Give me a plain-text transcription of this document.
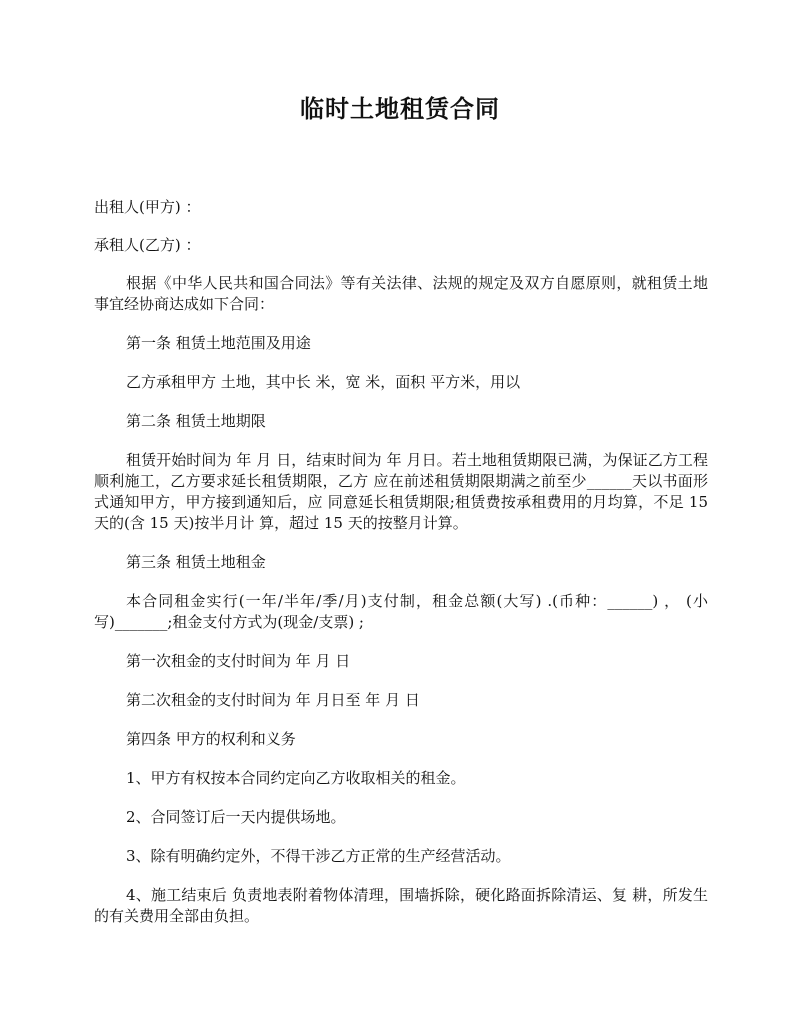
临时土地租赁合同

出租人(甲方) ：

承租人(乙方) ：

根据《中华人民共和国合同法》等有关法律、法规的规定及双方自愿原则，就租赁土地事宜经协商达成如下合同：

第一条 租赁土地范围及用途

乙方承租甲方 土地，其中长 米，宽 米，面积 平方米，用以

第二条 租赁土地期限

租赁开始时间为 年 月 日，结束时间为 年 月日。若土地租赁期限已满，为保证乙方工程顺利施工，乙方要求延长租赁期限，乙方 应在前述租赁期限期满之前至少______天以书面形式通知甲方，甲方接到通知后，应 同意延长租赁期限;租赁费按承租费用的月均算，不足 15 天的(含 15 天)按半月计 算，超过 15 天的按整月计算。

第三条 租赁土地租金

本合同租金实行(一年/半年/季/月)支付制，租金总额(大写) .(币种：______) ， (小写)_______;租金支付方式为(现金/支票) ;

第一次租金的支付时间为 年 月 日

第二次租金的支付时间为 年 月日至 年 月 日

第四条 甲方的权利和义务

1、甲方有权按本合同约定向乙方收取相关的租金。

2、合同签订后一天内提供场地。

3、除有明确约定外，不得干涉乙方正常的生产经营活动。

4、施工结束后 负责地表附着物体清理，围墙拆除，硬化路面拆除清运、复 耕，所发生的有关费用全部由负担。
